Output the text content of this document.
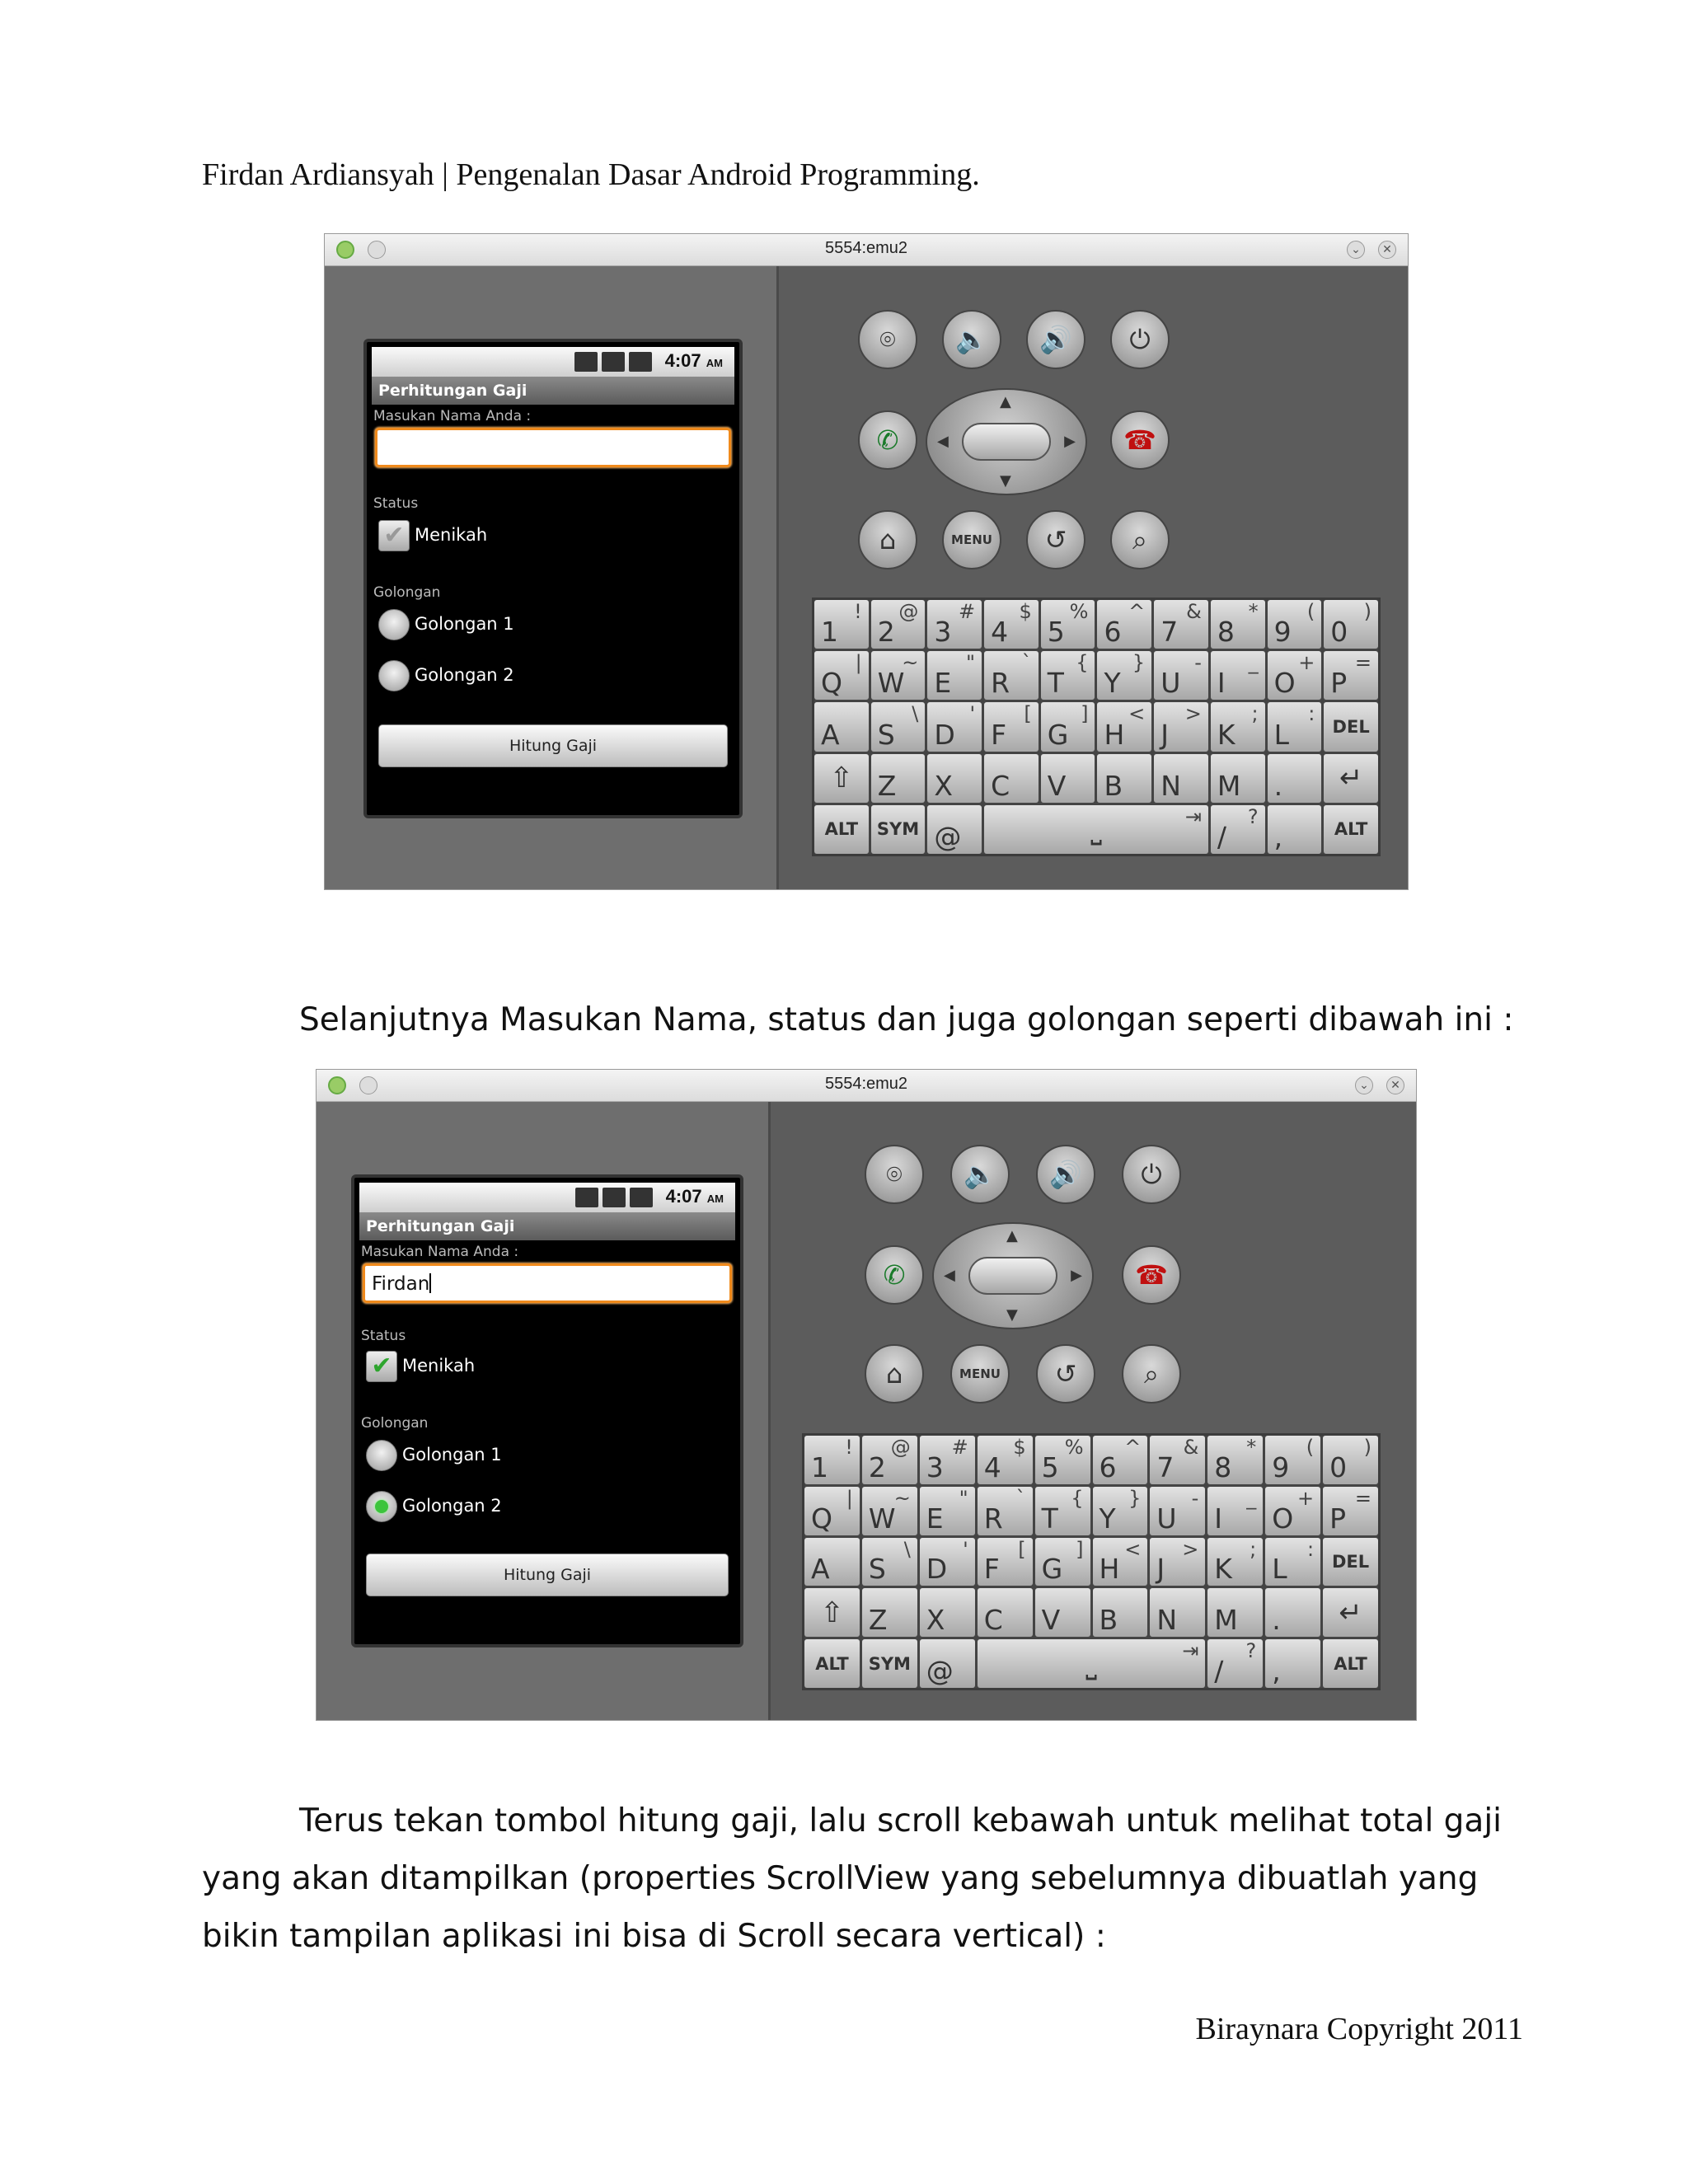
Firdan Ardiansyah | Pengenalan Dasar Android Programming.
5554:emu2	⌄	✕
4:07 AM
Perhitungan Gaji
Masukan Nama Anda :
Status
✔ Menikah
Golongan
Golongan 1
Golongan 2
Hitung Gaji
⌾	🔈	🔊	⏻
✆
▲
▼
◀	▶	☎
⌂	MENU	↺	⌕
1
!
2
@
3
#
4
$
5
%
6
^
7
&
8
*
9
(
0
)
Q
|
W
~
E
"
R
`
T
{
Y
}
U
-
I
_
O
+
P
=
A S
\
D
'
F
[
G
]
H
<
J
>
K
;
L
:
DEL
⇧ Z X C V B N M .	↵
ALT	SYM @	⎵	⇥
/
?
,	ALT
Selanjutnya Masukan Nama, status dan juga golongan seperti dibawah ini :
5554:emu2	⌄	✕
4:07 AM
Perhitungan Gaji
Masukan Nama Anda :
Firdan
Status
✔ Menikah
Golongan
Golongan 1
Golongan 2
Hitung Gaji
⌾	🔈	🔊	⏻
✆
▲
▼
◀	▶	☎
⌂	MENU	↺	⌕
1
!
2
@
3
#
4
$
5
%
6
^
7
&
8
*
9
(
0
)
Q
|
W
~
E
"
R
`
T
{
Y
}
U
-
I
_
O
+
P
=
A S
\
D
'
F
[
G
]
H
<
J
>
K
;
L
:
DEL
⇧ Z X C V B N M .	↵
ALT	SYM @	⎵	⇥
/
?
,	ALT
Terus tekan tombol hitung gaji, lalu scroll kebawah untuk melihat total gaji yang akan ditampilkan (properties ScrollView yang sebelumnya dibuatlah yang bikin tampilan aplikasi ini bisa di Scroll secara vertical) :
Biraynara Copyright 2011
